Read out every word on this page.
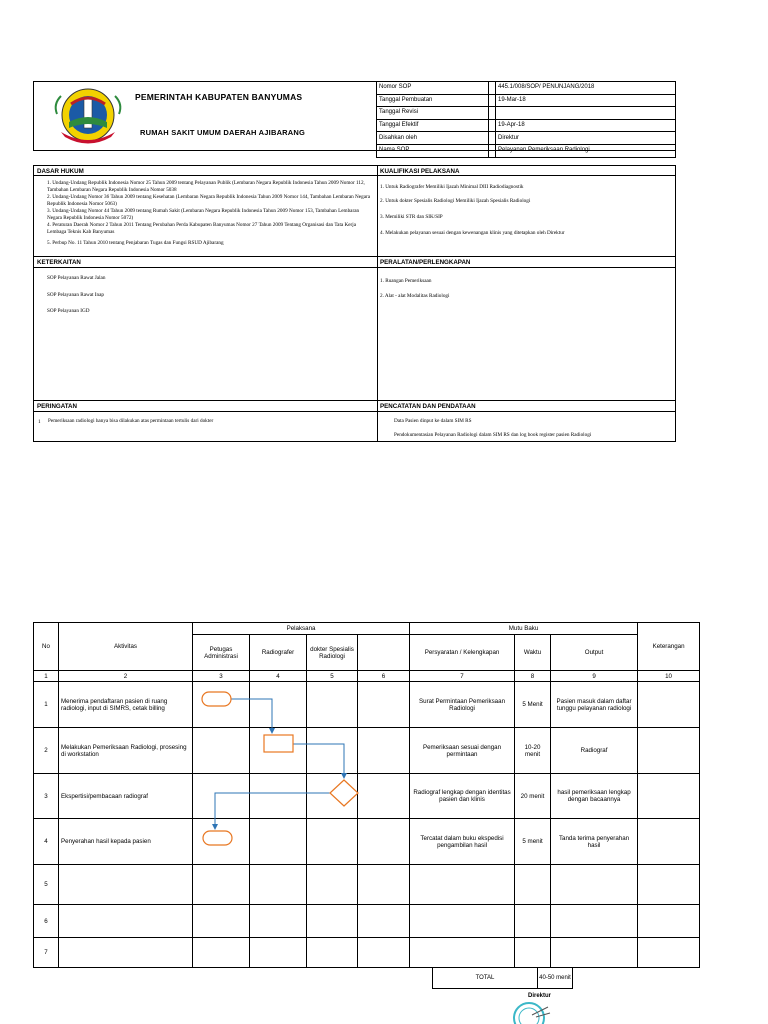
PEMERINTAH KABUPATEN BANYUMAS
RUMAH SAKIT UMUM DAERAH AJIBARANG
Nomor SOP		445.1/008/SOP/ PENUNJANG/2018
Tanggal Pembuatan		19-Mar-18
Tanggal Revisi		
Tanggal Efektif		19-Apr-18
Disahkan oleh		Direktur
Nama SOP		Pelayanan Pemeriksaan Radiologi
DASAR HUKUM	KUALIFIKASI PELAKSANA
1. Undang-Undang Republik Indonesia Nomor 25 Tahun 2009 tentang Pelayanan Publik (Lembaran Negara Republik Indonesia Tahun 2009 Nomor 112, Tambahan Lembaran Negara Republik Indonesia Nomor 5038
2. Undang-Undang Nomor 36 Tahun 2009 tentang Kesehatan (Lembaran Negara Republik Indonesia Tahun 2009 Nomor 144, Tambahan Lembaran Negara Republik Indonesia Nomor 5063)
3. Undang-Undang Nomor 44 Tahun 2009 tentang Rumah Sakit (Lembaran Negara Republik Indonesia Tahun 2009 Nomor 153, Tambahan Lembaran Negara Republik Indonesia Nomor 5072)
4. Peraturan Daerah Nomor 2 Tahun 2011 Tentang Perubahan Perda Kabupaten Banyumas Nomor 27 Tahun 2009 Tentang Organisasi dan Tata Kerja Lembaga Teknis Kab Banyumas
5. Perbup No. 11 Tahun 2010 tentang Penjabaran Tugas dan Fungsi RSUD Ajibarang
1. Untuk Radiografer Memiliki Ijazah Minimal DIII Radiodiagnostik
2. Untuk dokter Spesialis Radiologi Memiliki Ijazah Spesialis Radiologi
3. Memiliki STR dan SIK/SIP
4. Melakukan pelayanan sesuai dengan kewenangan klinis yang ditetapkan oleh Direktur
KETERKAITAN	PERALATAN/PERLENGKAPAN
SOP Pelayanan Rawat Jalan
SOP Pelayanan Rawat Inap
SOP Pelayanan IGD
1. Ruangan Pemeriksaan
2. Alat - alat Modalitas Radiologi
PERINGATAN	PENCATATAN DAN PENDATAAN
1 Pemeriksaan radiologi hanya bisa dilakukan atas permintaan tertulis dari dokter	Data Pasien dinput ke dalam SIM RS
Pendokumentasian Pelayanan Radiologi dalam SIM RS dan log book register pasien Radiologi
No	Aktivitas	Pelaksana				Mutu Baku			Keterangan
		Petugas Administrasi	Radiografer	dokter Spesialis Radiologi		Persyaratan / Kelengkapan	Waktu	Output	
1	2	3	4	5	6	7	8	9	10
1	Menerima pendaftaran pasien di ruang radiologi, input di SIMRS, cetak billing					Surat Permintaan Pemeriksaan Radiologi	5 Menit	Pasien masuk dalam daftar tunggu pelayanan radiologi	
2	Melakukan Pemeriksaan Radiologi, prosesing di workstation					Pemeriksaan sesuai dengan permintaan	10-20 menit	Radiograf	
3	Ekspertisi/pembacaan radiograf					Radiograf lengkap dengan identitas pasien dan klinis	20 menit	hasil pemeriksaan lengkap dengan bacaannya	
4	Penyerahan hasil kepada pasien					Tercatat dalam buku ekspedisi pengambilan hasil	5 menit	Tanda terima penyerahan hasil	
5									
6									
7									
TOTAL	40-50 menit
Direktur
